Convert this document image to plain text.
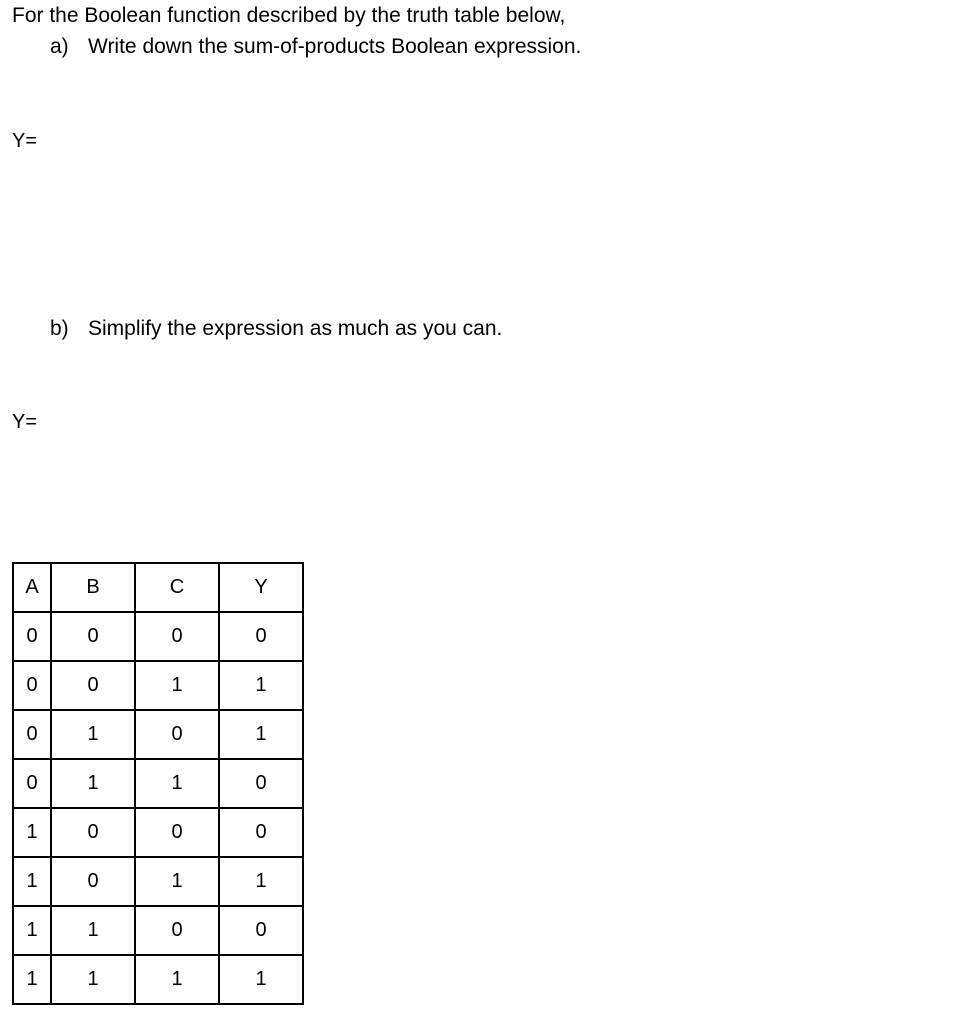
For the Boolean function described by the truth table below,
a) Write down the sum-of-products Boolean expression.
Y=
b) Simplify the expression as much as you can.
Y=
A	B	C	Y
0	0	0	0
0	0	1	1
0	1	0	1
0	1	1	0
1	0	0	0
1	0	1	1
1	1	0	0
1	1	1	1
